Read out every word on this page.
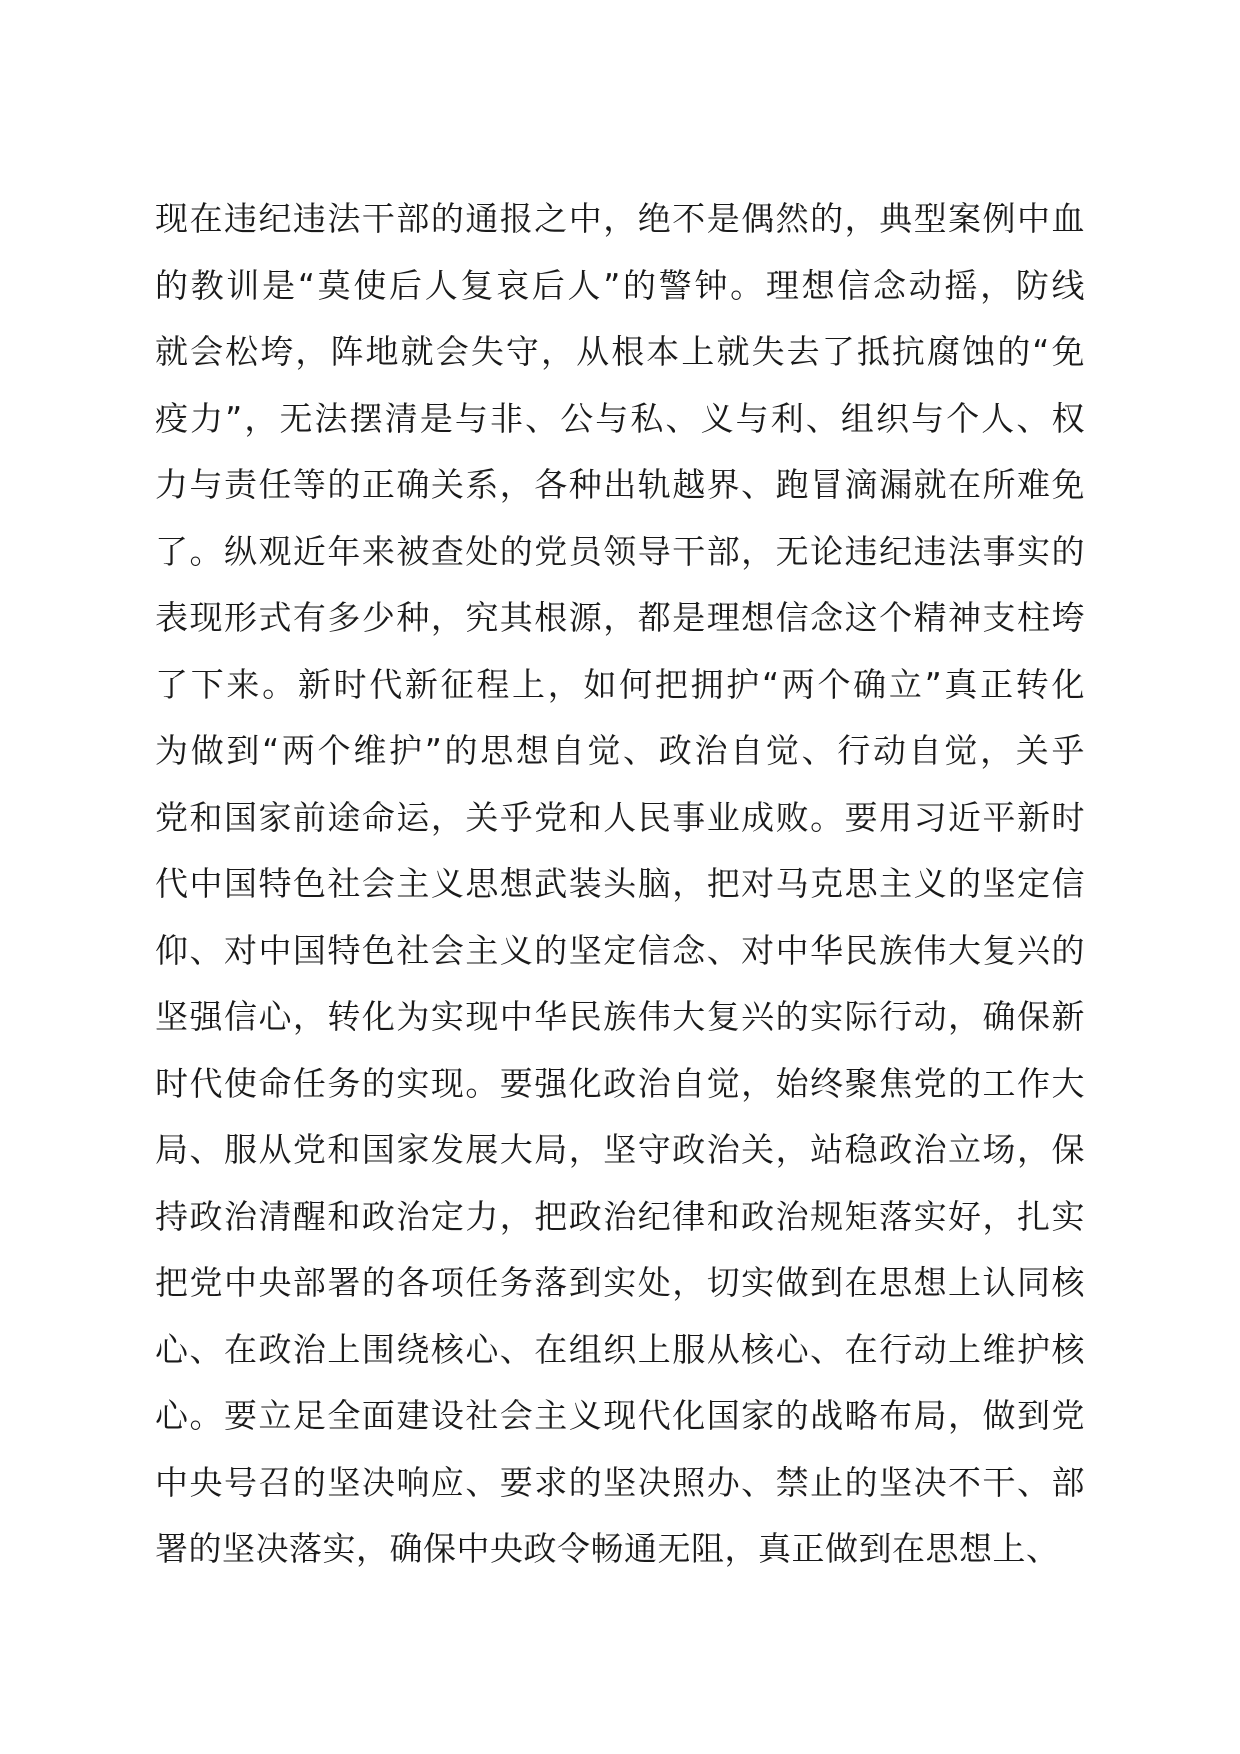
现在违纪违法干部的通报之中，绝不是偶然的，典型案例中血
的教训是“莫使后人复哀后人”的警钟。理想信念动摇，防线
就会松垮，阵地就会失守，从根本上就失去了抵抗腐蚀的“免
疫力”，无法摆清是与非、公与私、义与利、组织与个人、权
力与责任等的正确关系，各种出轨越界、跑冒滴漏就在所难免
了。纵观近年来被查处的党员领导干部，无论违纪违法事实的
表现形式有多少种，究其根源，都是理想信念这个精神支柱垮
了下来。新时代新征程上，如何把拥护“两个确立”真正转化
为做到“两个维护”的思想自觉、政治自觉、行动自觉，关乎
党和国家前途命运，关乎党和人民事业成败。要用习近平新时
代中国特色社会主义思想武装头脑，把对马克思主义的坚定信
仰、对中国特色社会主义的坚定信念、对中华民族伟大复兴的
坚强信心，转化为实现中华民族伟大复兴的实际行动，确保新
时代使命任务的实现。要强化政治自觉，始终聚焦党的工作大
局、服从党和国家发展大局，坚守政治关，站稳政治立场，保
持政治清醒和政治定力，把政治纪律和政治规矩落实好，扎实
把党中央部署的各项任务落到实处，切实做到在思想上认同核
心、在政治上围绕核心、在组织上服从核心、在行动上维护核
心。要立足全面建设社会主义现代化国家的战略布局，做到党
中央号召的坚决响应、要求的坚决照办、禁止的坚决不干、部
署的坚决落实，确保中央政令畅通无阻，真正做到在思想上、
